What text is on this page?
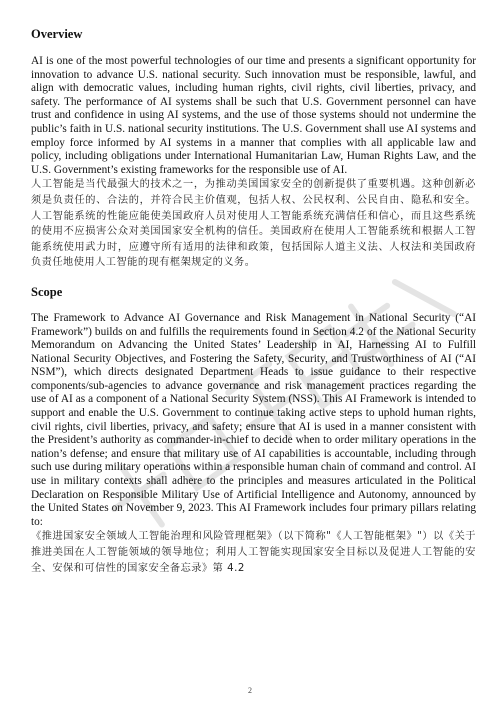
Overview

AI is one of the most powerful technologies of our time and presents a significant opportunity for innovation to advance U.S. national security. Such innovation must be responsible, lawful, and align with democratic values, including human rights, civil rights, civil liberties, privacy, and safety. The performance of AI systems shall be such that U.S. Government personnel can have trust and confidence in using AI systems, and the use of those systems should not undermine the public’s faith in U.S. national security institutions. The U.S. Government shall use AI systems and employ force informed by AI systems in a manner that complies with all applicable law and policy, including obligations under International Humanitarian Law, Human Rights Law, and the U.S. Government’s existing frameworks for the responsible use of AI.

人工智能是当代最强大的技术之一，为推动美国国家安全的创新提供了重要机遇。这种创新必须是负责任的、合法的，并符合民主价值观，包括人权、公民权利、公民自由、隐私和安全。人工智能系统的性能应能使美国政府人员对使用人工智能系统充满信任和信心，而且这些系统的使用不应损害公众对美国国家安全机构的信任。美国政府在使用人工智能系统和根据人工智能系统使用武力时，应遵守所有适用的法律和政策，包括国际人道主义法、人权法和美国政府负责任地使用人工智能的现有框架规定的义务。

Scope

The Framework to Advance AI Governance and Risk Management in National Security (“AI Framework”) builds on and fulfills the requirements found in Section 4.2 of the National Security Memorandum on Advancing the United States’ Leadership in AI, Harnessing AI to Fulfill National Security Objectives, and Fostering the Safety, Security, and Trustworthiness of AI (“AI NSM”), which directs designated Department Heads to issue guidance to their respective components/sub-agencies to advance governance and risk management practices regarding the use of AI as a component of a National Security System (NSS). This AI Framework is intended to support and enable the U.S. Government to continue taking active steps to uphold human rights, civil rights, civil liberties, privacy, and safety; ensure that AI is used in a manner consistent with the President’s authority as commander-in-chief to decide when to order military operations in the nation’s defense; and ensure that military use of AI capabilities is accountable, including through such use during military operations within a responsible human chain of command and control. AI use in military contexts shall adhere to the principles and measures articulated in the Political Declaration on Responsible Military Use of Artificial Intelligence and Autonomy, announced by the United States on November 9, 2023. This AI Framework includes four primary pillars relating to:

《推进国家安全领域人工智能治理和风险管理框架》（以下简称"《人工智能框架》"）以《关于推进美国在人工智能领域的领导地位；利用人工智能实现国家安全目标以及促进人工智能的安全、安保和可信性的国家安全备忘录》第 4.2

2
